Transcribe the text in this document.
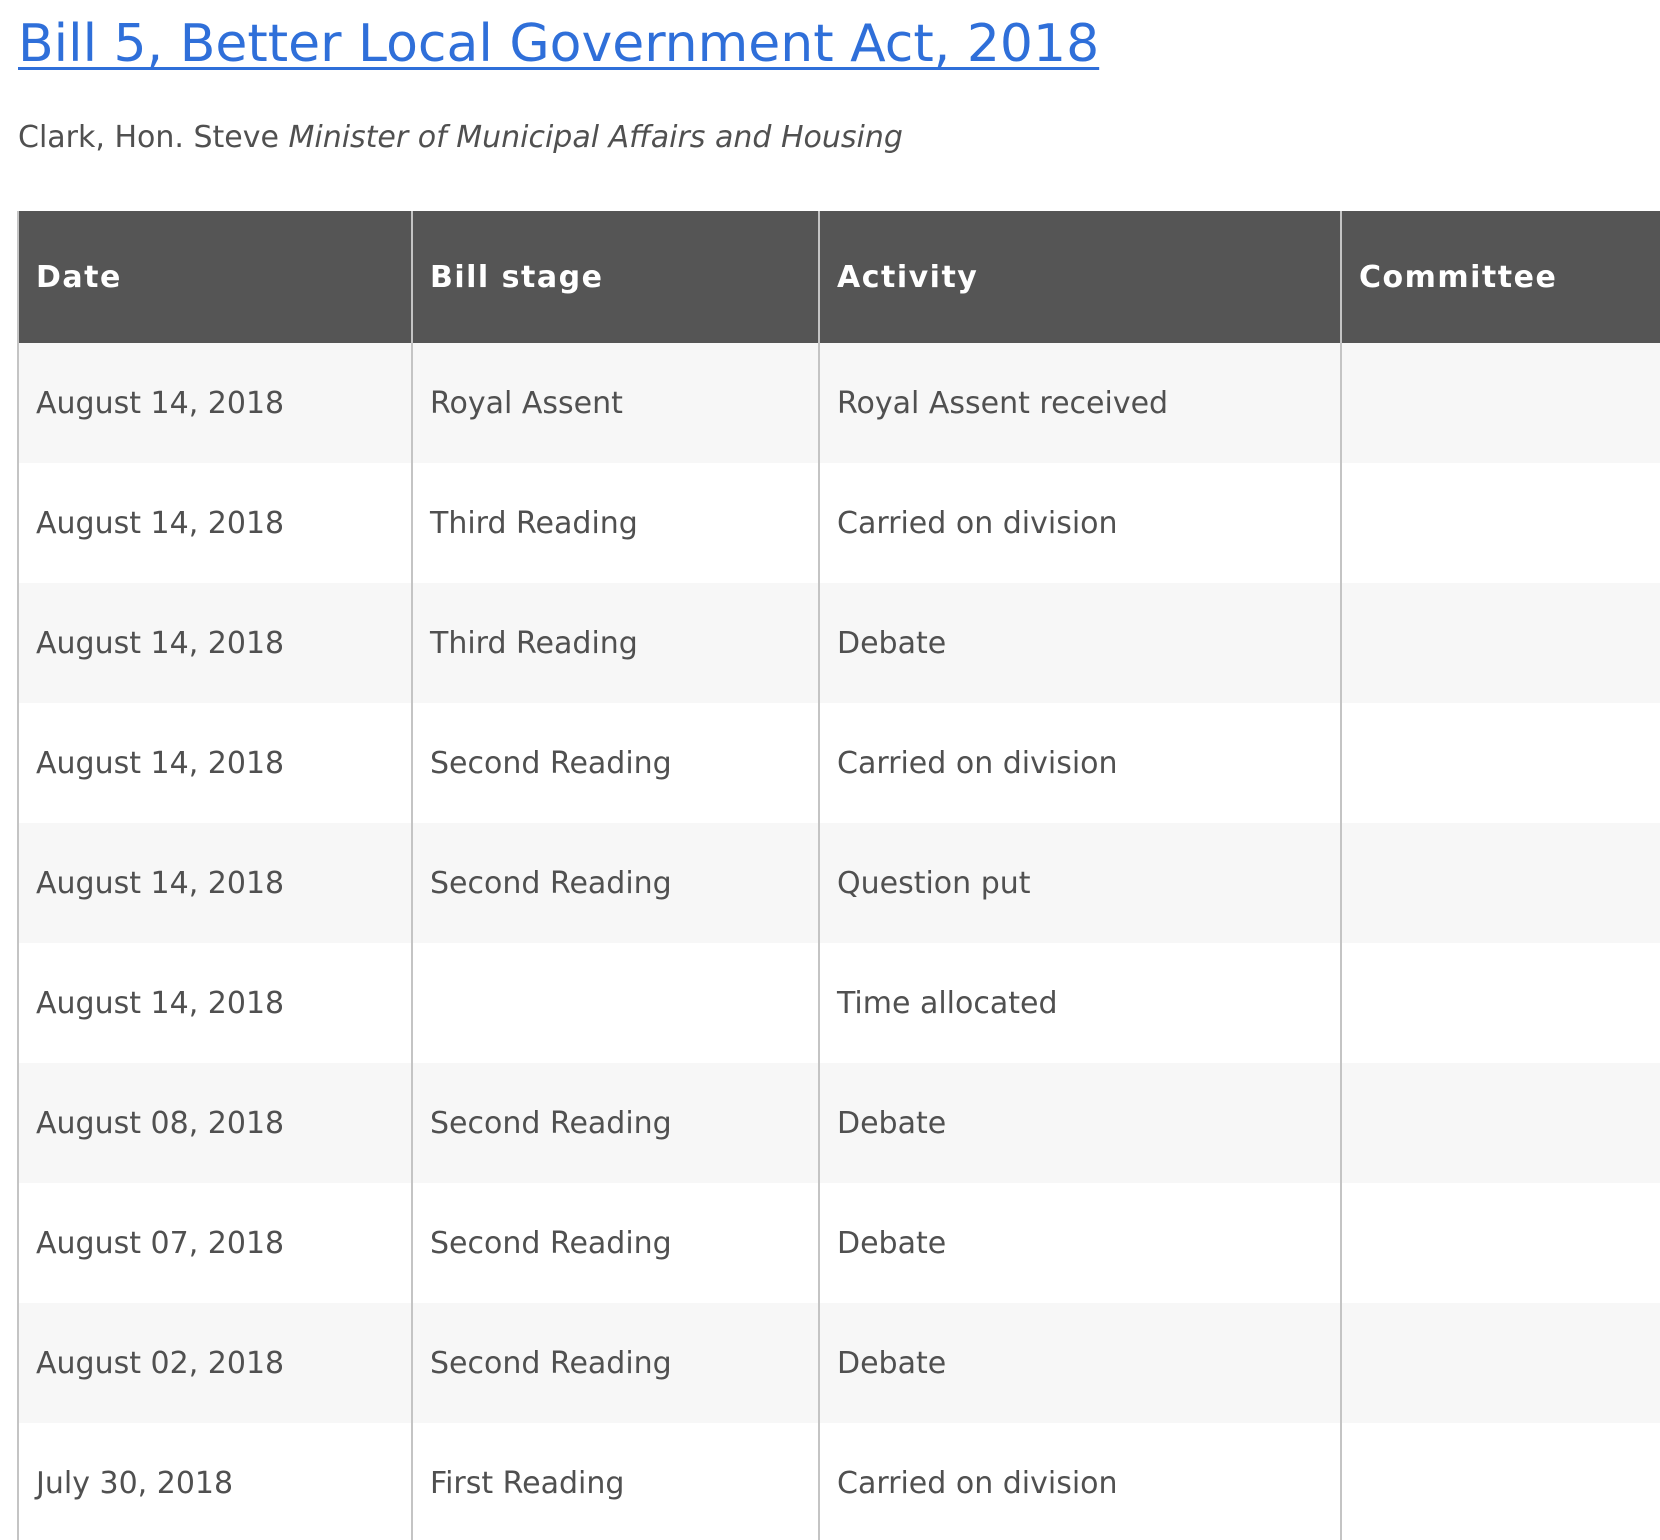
Bill 5, Better Local Government Act, 2018

Clark, Hon. Steve Minister of Municipal Affairs and Housing

Date	Bill stage	Activity	Committee
August 14, 2018	Royal Assent	Royal Assent received	
August 14, 2018	Third Reading	Carried on division	
August 14, 2018	Third Reading	Debate	
August 14, 2018	Second Reading	Carried on division	
August 14, 2018	Second Reading	Question put	
August 14, 2018		Time allocated	
August 08, 2018	Second Reading	Debate	
August 07, 2018	Second Reading	Debate	
August 02, 2018	Second Reading	Debate	
July 30, 2018	First Reading	Carried on division	
